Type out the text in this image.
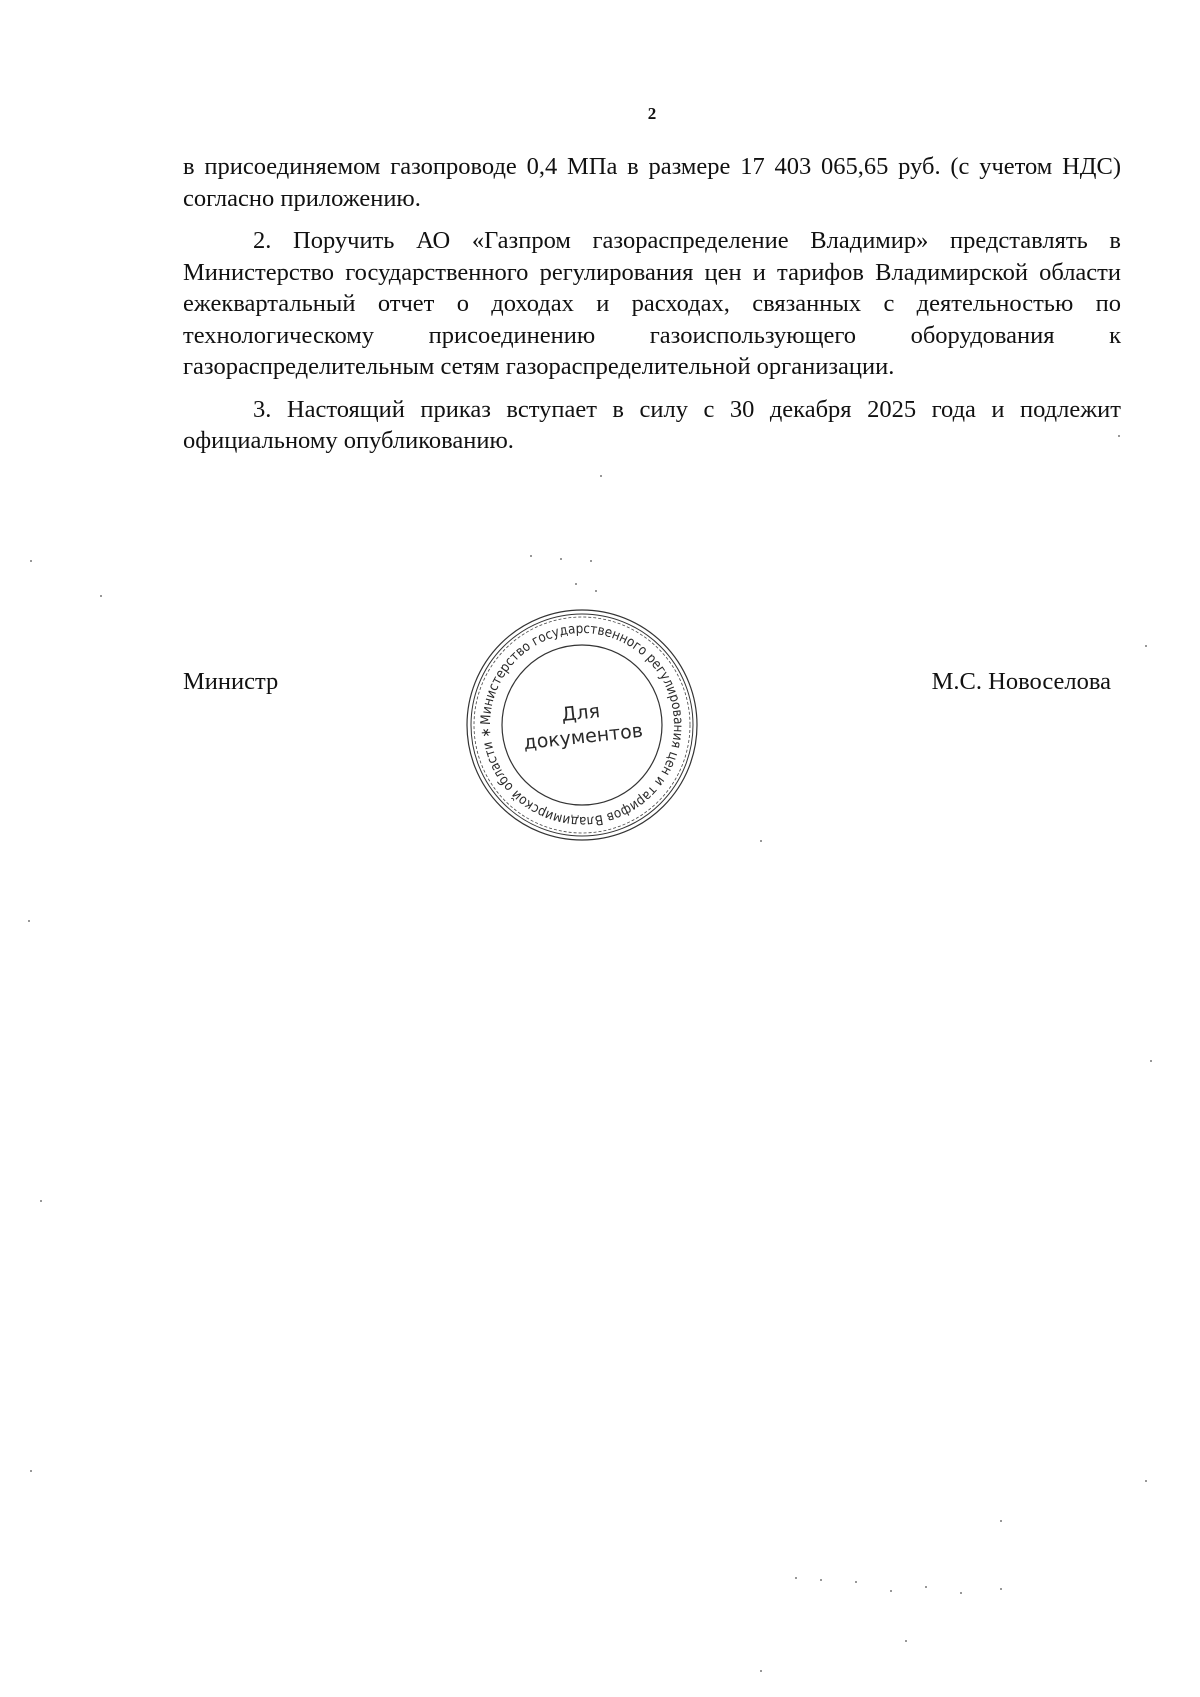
2

в присоединяемом газопроводе 0,4 МПа в размере 17 403 065,65 руб. (с учетом НДС) согласно приложению.

2. Поручить АО «Газпром газораспределение Владимир» представлять в Министерство государственного регулирования цен и тарифов Владимирской области ежеквартальный отчет о доходах и расходах, связанных с деятельностью по технологическому присоединению газоиспользующего оборудования к газораспределительным сетям газораспределительной организации.

3. Настоящий приказ вступает в силу с 30 декабря 2025 года и подлежит официальному опубликованию.

Министр	М.С. Новоселова
Министерство государственного регулирования цен и тарифов Владимирской области ∗
Для
документов
